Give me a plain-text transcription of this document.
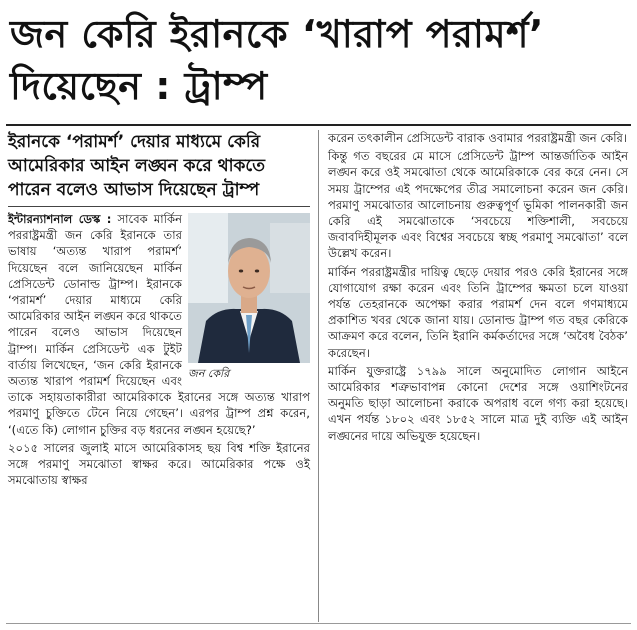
জন কেরি ইরানকে ‘খারাপ পরামর্শ’ দিয়েছেন : ট্রাম্প
ইরানকে ‘পরামর্শ’ দেয়ার মাধ্যমে কেরি আমেরিকার আইন লঙ্ঘন করে থাকতে পারেন বলেও আভাস দিয়েছেন ট্রাম্প
জন কেরি

ইন্টারন্যাশনাল ডেস্ক : সাবেক মার্কিন পররাষ্ট্রমন্ত্রী জন কেরি ইরানকে তার ভাষায় ‘অত্যন্ত খারাপ পরামর্শ’ দিয়েছেন বলে জানিয়েছেন মার্কিন প্রেসিডেন্ট ডোনাল্ড ট্রাম্প। ইরানকে ‘পরামর্শ’ দেয়ার মাধ্যমে কেরি আমেরিকার আইন লঙ্ঘন করে থাকতে পারেন বলেও আভাস দিয়েছেন ট্রাম্প। মার্কিন প্রেসিডেন্ট এক টুইট বার্তায় লিখেছেন, ‘জন কেরি ইরানকে অত্যন্ত খারাপ পরামর্শ দিয়েছেন এবং তাকে সহায়তাকারীরা আমেরিকাকে ইরানের সঙ্গে অত্যন্ত খারাপ পরমাণু চুক্তিতে টেনে নিয়ে গেছেন’। এরপর ট্রাম্প প্রশ্ন করেন, ‘(এতে কি) লোগান চুক্তির বড় ধরনের লঙ্ঘন হয়েছে?’

২০১৫ সালের জুলাই মাসে আমেরিকাসহ ছয় বিশ্ব শক্তি ইরানের সঙ্গে পরমাণু সমঝোতা স্বাক্ষর করে। আমেরিকার পক্ষে ওই সমঝোতায় স্বাক্ষর

করেন তৎকালীন প্রেসিডেন্ট বারাক ওবামার পররাষ্ট্রমন্ত্রী জন কেরি।

কিন্তু গত বছরের মে মাসে প্রেসিডেন্ট ট্রাম্প আন্তর্জাতিক আইন লঙ্ঘন করে ওই সমঝোতা থেকে আমেরিকাকে বের করে নেন। সে সময় ট্রাম্পের এই পদক্ষেপের তীব্র সমালোচনা করেন জন কেরি। পরমাণু সমঝোতার আলোচনায় গুরুত্বপূর্ণ ভূমিকা পালনকারী জন কেরি এই সমঝোতাকে ‘সবচেয়ে শক্তিশালী, সবচেয়ে জবাবদিহীমূলক এবং বিশ্বের সবচেয়ে স্বচ্ছ পরমাণু সমঝোতা’ বলে উল্লেখ করেন।

মার্কিন পররাষ্ট্রমন্ত্রীর দায়িত্ব ছেড়ে দেয়ার পরও কেরি ইরানের সঙ্গে যোগাযোগ রক্ষা করেন এবং তিনি ট্রাম্পের ক্ষমতা চলে যাওয়া পর্যন্ত তেহরানকে অপেক্ষা করার পরামর্শ দেন বলে গণমাধ্যমে প্রকাশিত খবর থেকে জানা যায়। ডোনাল্ড ট্রাম্প গত বছর কেরিকে আক্রমণ করে বলেন, তিনি ইরানি কর্মকর্তাদের সঙ্গে ‘অবৈধ বৈঠক’ করেছেন।

মার্কিন যুক্তরাষ্ট্রে ১৭৯৯ সালে অনুমোদিত লোগান আইনে আমেরিকার শত্রুভাবাপন্ন কোনো দেশের সঙ্গে ওয়াশিংটনের অনুমতি ছাড়া আলোচনা করাকে অপরাধ বলে গণ্য করা হয়েছে। এখন পর্যন্ত ১৮০২ এবং ১৮৫২ সালে মাত্র দুই ব্যক্তি এই আইন লঙ্ঘনের দায়ে অভিযুক্ত হয়েছেন।
